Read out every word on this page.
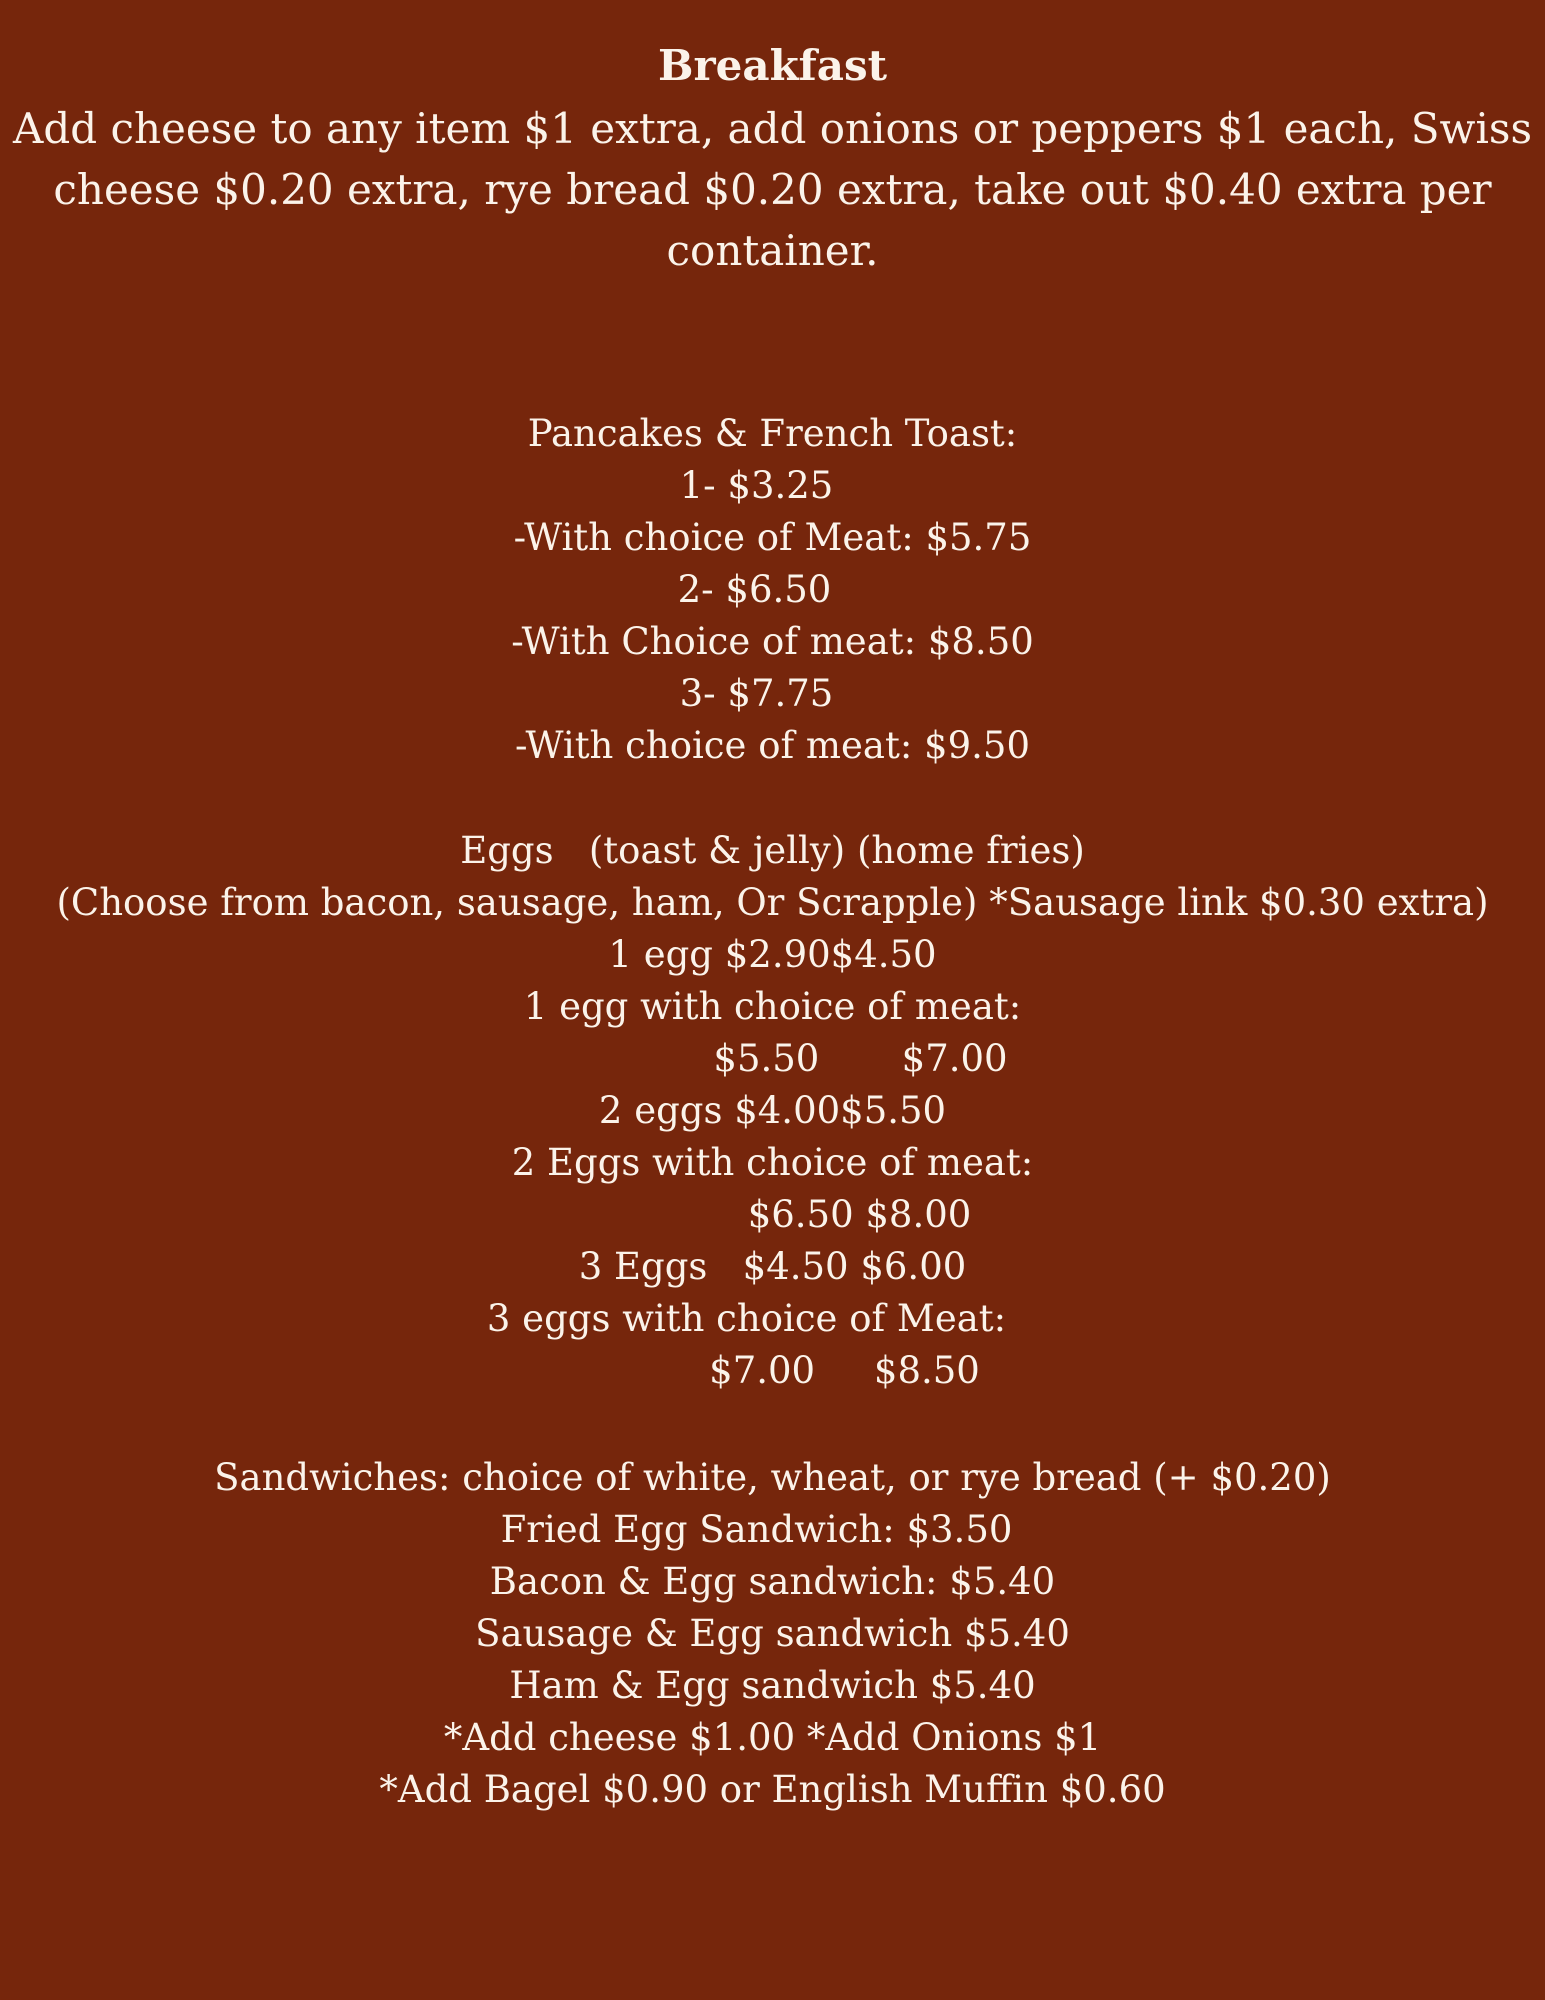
Breakfast

Add cheese to any item $1 extra, add onions or peppers $1 each, Swiss cheese $0.20 extra, rye bread $0.20 extra, take out $0.40 extra per container.

Pancakes & French Toast:
1- $3.25
-With choice of Meat: $5.75
2- $6.50
-With Choice of meat: $8.50
3- $7.75
-With choice of meat: $9.50
Eggs   (toast & jelly) (home fries)
(Choose from bacon, sausage, ham, Or Scrapple) *Sausage link $0.30 extra)
1 egg $2.90$4.50
1 egg with choice of meat:
$5.50       $7.00
2 eggs $4.00$5.50
2 Eggs with choice of meat:
$6.50 $8.00
3 Eggs   $4.50 $6.00
3 eggs with choice of Meat:
$7.00     $8.50
Sandwiches: choice of white, wheat, or rye bread (+ $0.20)
Fried Egg Sandwich: $3.50
Bacon & Egg sandwich: $5.40
Sausage & Egg sandwich $5.40
Ham & Egg sandwich $5.40
*Add cheese $1.00 *Add Onions $1
*Add Bagel $0.90 or English Muffin $0.60
